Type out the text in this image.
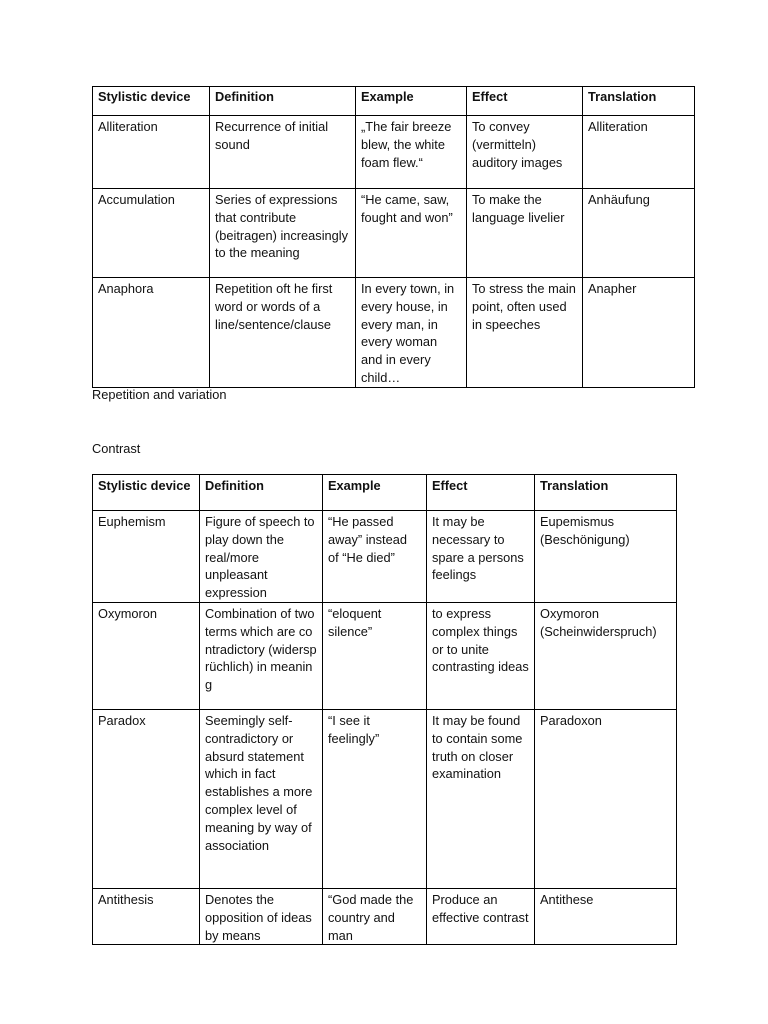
Stylistic device	Definition	Example	Effect	Translation
Alliteration	Recurrence of initial sound	„The fair breeze blew, the white foam flew.“	To convey (vermitteln) auditory images	Alliteration
Accumulation	Series of expressions that contribute (beitragen) increasingly to the meaning	“He came, saw, fought and won”	To make the language livelier	Anhäufung
Anaphora	Repetition oft he first word or words of a line/sentence/clause	In every town, in every house, in every man, in every woman and in every child…	To stress the main point, often used in speeches	Anapher
Repetition and variation
Contrast
Stylistic device	Definition	Example	Effect	Translation
Euphemism	Figure of speech to play down the real/more unpleasant expression	“He passed away” instead of “He died”	It may be necessary to spare a persons feelings	Eupemismus (Beschönigung)
Oxymoron	Combination of two terms which are contradictory (widersprüchlich) in meaning	“eloquent silence”	to express complex things or to unite contrasting ideas	Oxymoron (Scheinwiderspruch)
Paradox	Seemingly self-contradictory or absurd statement which in fact establishes a more complex level of meaning by way of association	“I see it feelingly”	It may be found to contain some truth on closer examination	Paradoxon
Antithesis	Denotes the opposition of ideas by means	“God made the country and man	Produce an effective contrast	Antithese
